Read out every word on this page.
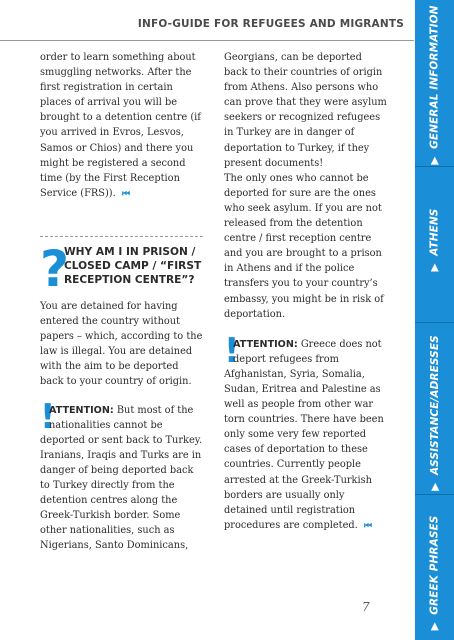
INFO-GUIDE FOR REFUGEES AND MIGRANTS
▶  GENERAL INFORMATION
▶  ATHENS
▶  ASSISTANCE/ADRESSES
▶  GREEK PHRASES

order to learn something about smuggling networks. After the first registration in certain places of arrival you will be brought to a detention centre (if you arrived in Evros, Lesvos, Samos or Chios) and there you might be registered a second time (by the First Reception Service (FRS)). ⏮

?
WHY AM I IN PRISON / CLOSED CAMP / “FIRST RECEPTION CENTRE”?

You are detained for having entered the country without papers – which, according to the law is illegal. You are detained with the aim to be deported back to your country of origin.

!
ATTENTION: But most of the nationalities cannot be deported or sent back to Turkey. Iranians, Iraqis and Turks are in danger of being deported back to Turkey directly from the detention centres along the Greek-Turkish border. Some other nationalities, such as Nigerians, Santo Dominicans,

Georgians, can be deported back to their countries of origin from Athens. Also persons who can prove that they were asylum seekers or recognized refugees in Turkey are in danger of deportation to Turkey, if they present documents!

The only ones who cannot be deported for sure are the ones who seek asylum. If you are not released from the detention centre / first reception centre and you are brought to a prison in Athens and if the police transfers you to your country’s embassy, you might be in risk of deportation.

!
ATTENTION: Greece does not deport refugees from Afghanistan, Syria, Somalia, Sudan, Eritrea and Palestine as well as people from other war torn countries. There have been only some very few reported cases of deportation to these countries. Currently people arrested at the Greek-Turkish borders are usually only detained until registration procedures are completed. ⏮
7
